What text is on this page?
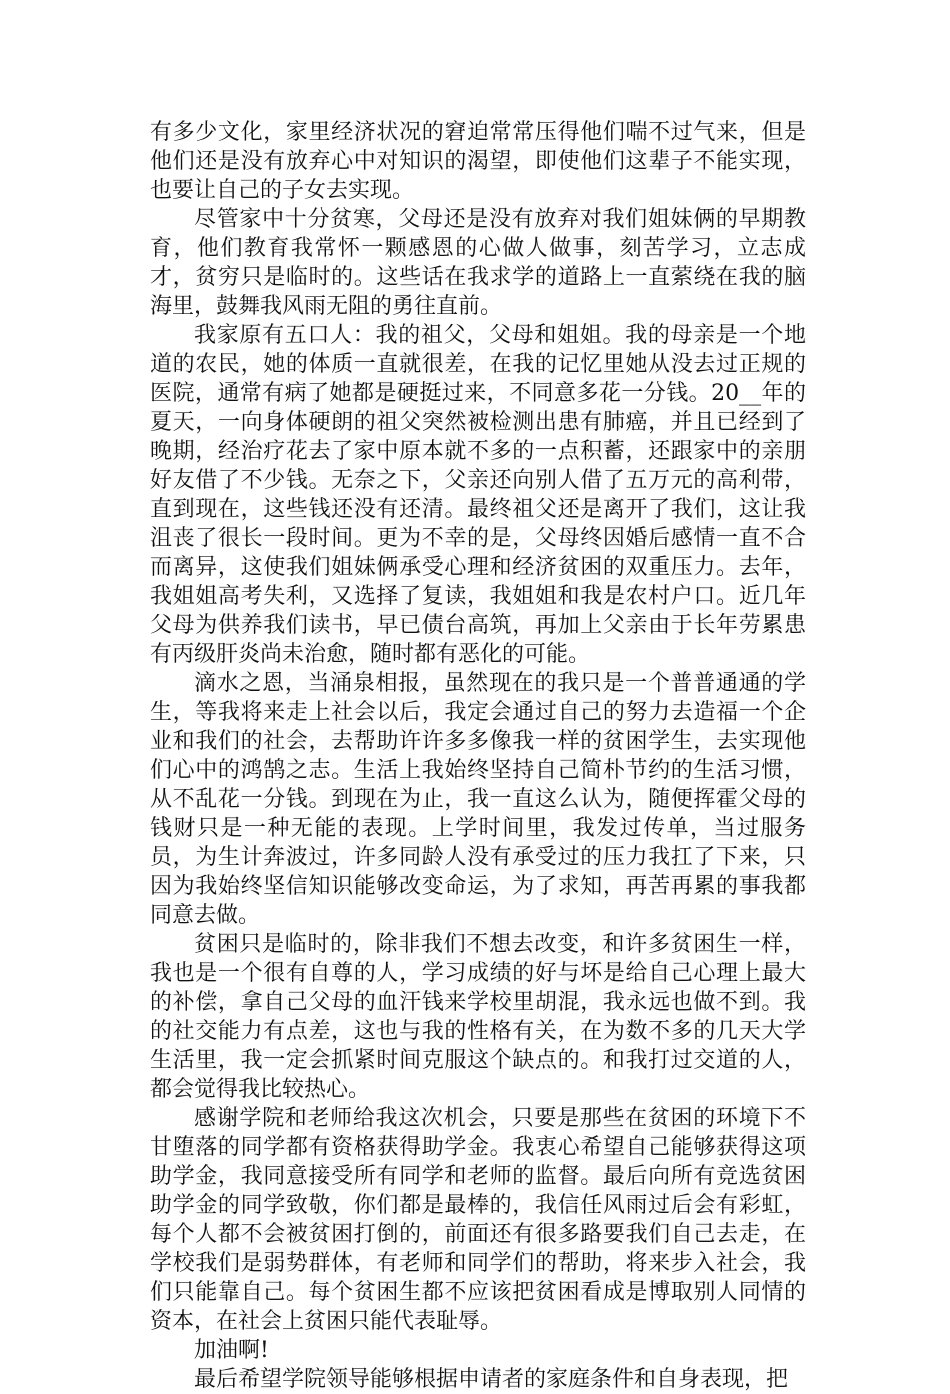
有多少文化，家里经济状况的窘迫常常压得他们喘不过气来，但是他们还是没有放弃心中对知识的渴望，即使他们这辈子不能实现，也要让自己的子女去实现。

尽管家中十分贫寒，父母还是没有放弃对我们姐妹俩的早期教育，他们教育我常怀一颗感恩的心做人做事，刻苦学习，立志成才，贫穷只是临时的。这些话在我求学的道路上一直萦绕在我的脑海里，鼓舞我风雨无阻的勇往直前。

我家原有五口人：我的祖父，父母和姐姐。我的母亲是一个地道的农民，她的体质一直就很差，在我的记忆里她从没去过正规的医院，通常有病了她都是硬挺过来，不同意多花一分钱。20__年的夏天，一向身体硬朗的祖父突然被检测出患有肺癌，并且已经到了晚期，经治疗花去了家中原本就不多的一点积蓄，还跟家中的亲朋好友借了不少钱。无奈之下，父亲还向别人借了五万元的高利带，直到现在，这些钱还没有还清。最终祖父还是离开了我们，这让我沮丧了很长一段时间。更为不幸的是，父母终因婚后感情一直不合而离异，这使我们姐妹俩承受心理和经济贫困的双重压力。去年，我姐姐高考失利，又选择了复读，我姐姐和我是农村户口。近几年父母为供养我们读书，早已债台高筑，再加上父亲由于长年劳累患有丙级肝炎尚未治愈，随时都有恶化的可能。

滴水之恩，当涌泉相报，虽然现在的我只是一个普普通通的学生，等我将来走上社会以后，我定会通过自己的努力去造福一个企业和我们的社会，去帮助许许多多像我一样的贫困学生，去实现他们心中的鸿鹄之志。生活上我始终坚持自己简朴节约的生活习惯，从不乱花一分钱。到现在为止，我一直这么认为，随便挥霍父母的钱财只是一种无能的表现。上学时间里，我发过传单，当过服务员，为生计奔波过，许多同龄人没有承受过的压力我扛了下来，只因为我始终坚信知识能够改变命运，为了求知，再苦再累的事我都同意去做。

贫困只是临时的，除非我们不想去改变，和许多贫困生一样，我也是一个很有自尊的人，学习成绩的好与坏是给自己心理上最大的补偿，拿自己父母的血汗钱来学校里胡混，我永远也做不到。我的社交能力有点差，这也与我的性格有关，在为数不多的几天大学生活里，我一定会抓紧时间克服这个缺点的。和我打过交道的人，都会觉得我比较热心。

感谢学院和老师给我这次机会，只要是那些在贫困的环境下不甘堕落的同学都有资格获得助学金。我衷心希望自己能够获得这项助学金，我同意接受所有同学和老师的监督。最后向所有竞选贫困助学金的同学致敬，你们都是最棒的，我信任风雨过后会有彩虹，每个人都不会被贫困打倒的，前面还有很多路要我们自己去走，在学校我们是弱势群体，有老师和同学们的帮助，将来步入社会，我们只能靠自己。每个贫困生都不应该把贫困看成是博取别人同情的资本，在社会上贫困只能代表耻辱。

加油啊!

最后希望学院领导能够根据申请者的家庭条件和自身表现，把
